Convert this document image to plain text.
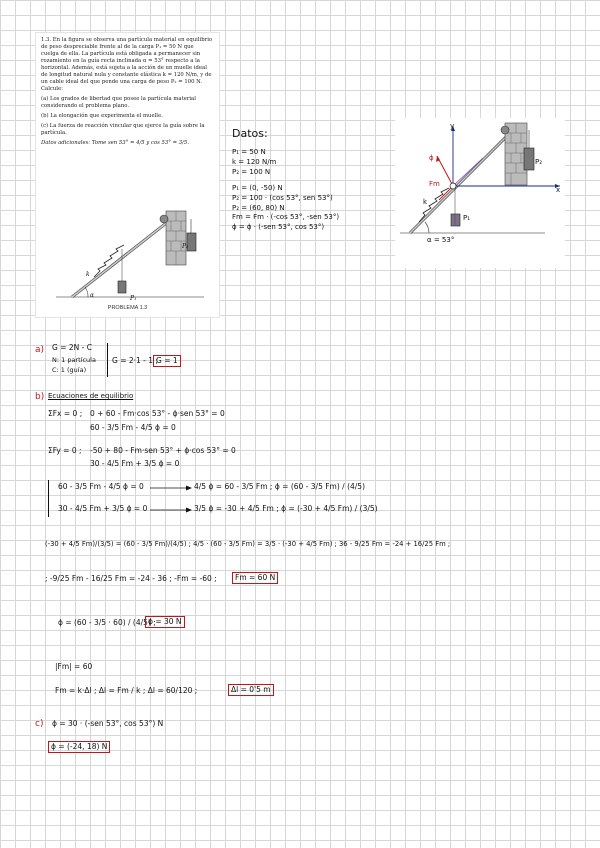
1.3. En la figura se observa una partícula material en equilibrio de peso despreciable frente al de la carga P₁ = 50 N que cuelga de ella. La partícula está obligada a permanecer sin rozamiento en la guía recta inclinada α = 53° respecto a la horizontal. Además, está sujeta a la acción de un muelle ideal de longitud natural nula y constante elástica k = 120 N/m, y de un cable ideal del que pende una carga de peso P₂ = 100 N. Calcule:

(a) Los grados de libertad que posee la partícula material considerando el problema plano.

(b) La elongación que experimenta el muelle.

(c) La fuerza de reacción vincular que ejerce la guía sobre la partícula.

Datos adicionales: Tome sen 53° = 4/5 y cos 53° = 3/5.

P₂
P₁
k
α
PROBLEMA 1.3
Datos:
P₁ = 50 N
k = 120 N/m
P₂ = 100 N
P₁ = (0, -50) N
P₂ = 100 · (cos 53°, sen 53°)
P₂ = (60, 80) N
Fm = Fm · (-cos 53°, -sen 53°)
ɸ = ɸ · (-sen 53°, cos 53°)
y
x
ɸ
Fm
k
P₁
P₂
α = 53°
a) G = 2N - C
N: 1 partícula
C: 1 (guía)
G = 2·1 - 1 ;
G = 1
b) Ecuaciones de equilibrio
ΣFx = 0 ; 0 + 60 - Fm·cos 53° - ɸ·sen 53° = 0
60 - 3/5 Fm - 4/5 ɸ = 0
ΣFy = 0 ; -50 + 80 - Fm·sen 53° + ɸ·cos 53° = 0
30 - 4/5 Fm + 3/5 ɸ = 0
60 - 3/5 Fm - 4/5 ɸ = 0	4/5 ɸ = 60 - 3/5 Fm ; ɸ = (60 - 3/5 Fm) / (4/5)
30 - 4/5 Fm + 3/5 ɸ = 0	3/5 ɸ = -30 + 4/5 Fm ; ɸ = (-30 + 4/5 Fm) / (3/5)
(-30 + 4/5 Fm)/(3/5) = (60 - 3/5 Fm)/(4/5) ; 4/5 · (60 - 3/5 Fm) = 3/5 · (-30 + 4/5 Fm) ; 36 - 9/25 Fm = -24 + 16/25 Fm ;
; -9/25 Fm - 16/25 Fm = -24 - 36 ; -Fm = -60 ;	Fm = 60 N
ɸ = (60 - 3/5 · 60) / (4/5) ;
ɸ = 30 N
|Fm| = 60
Fm = k·Δl ; Δl = Fm / k ; Δl = 60/120 ;	Δl = 0'5 m
c) ɸ = 30 · (-sen 53°, cos 53°) N
ɸ = (-24, 18) N
